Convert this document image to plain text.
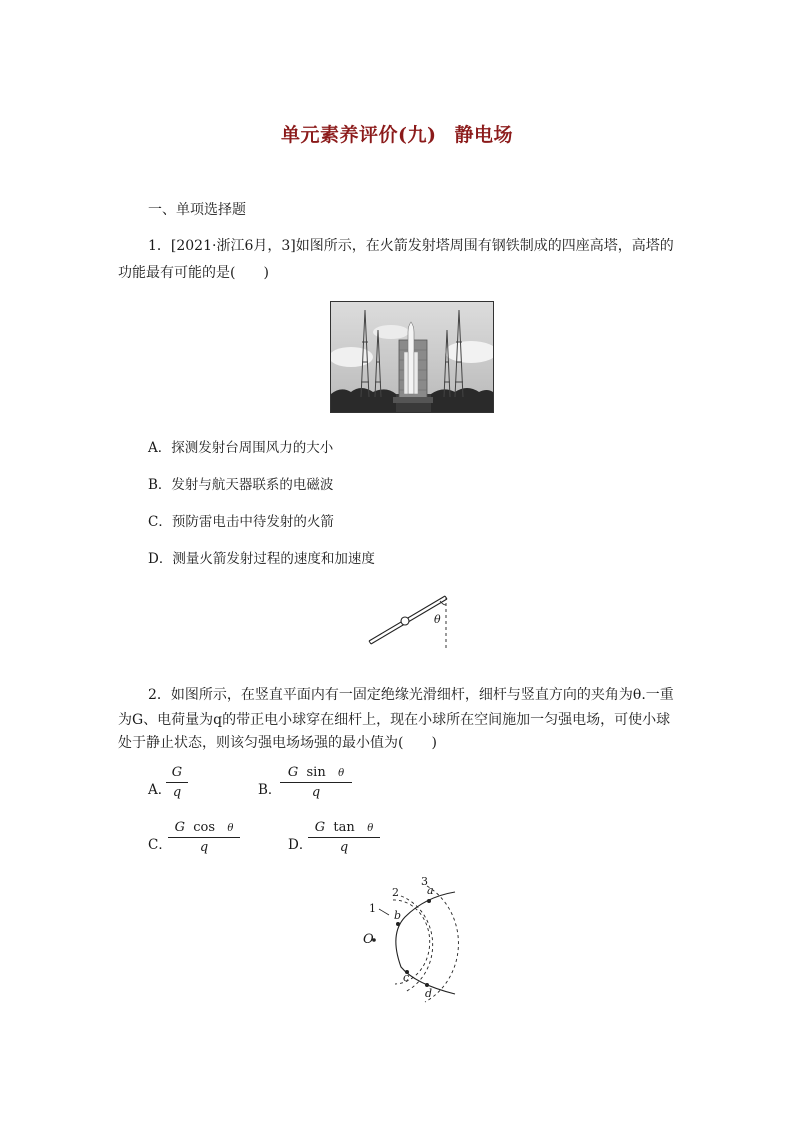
单元素养评价(九) 静电场
一、单项选择题
1．[2021·浙江6月，3]如图所示，在火箭发射塔周围有钢铁制成的四座高塔，高塔的
功能最有可能的是(　　)
A．探测发射台周围风力的大小
B．发射与航天器联系的电磁波
C．预防雷电击中待发射的火箭
D．测量火箭发射过程的速度和加速度
θ
2．如图所示，在竖直平面内有一固定绝缘光滑细杆，细杆与竖直方向的夹角为θ.一重
为G、电荷量为q的带正电小球穿在细杆上，现在小球所在空间施加一匀强电场，可使小球
处于静止状态，则该匀强电场场强的最小值为(　　)
A．
$\frac{G}{q}$	B．
$\frac{\text{G sin θ}}{q}$
C．
$\frac{\text{G cos θ}}{q}$	D．
$\frac{\text{G tan θ}}{q}$
O
1
2
3
a
b
c
d
